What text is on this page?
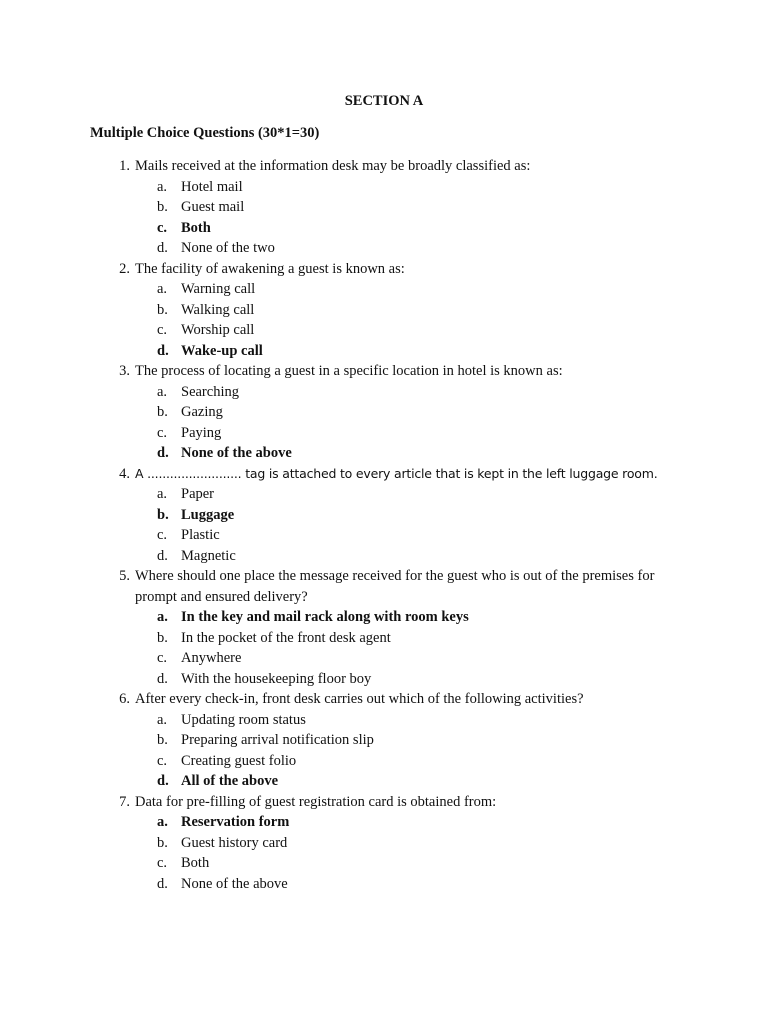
SECTION A
Multiple Choice Questions (30*1=30)
1. Mails received at the information desk may be broadly classified as:
a. Hotel mail
b. Guest mail
c. Both
d. None of the two
2. The facility of awakening a guest is known as:
a. Warning call
b. Walking call
c. Worship call
d. Wake-up call
3. The process of locating a guest in a specific location in hotel is known as:
a. Searching
b. Gazing
c. Paying
d. None of the above
4. A ......................... tag is attached to every article that is kept in the left luggage room.
a. Paper
b. Luggage
c. Plastic
d. Magnetic
5. Where should one place the message received for the guest who is out of the premises for
prompt and ensured delivery?
a. In the key and mail rack along with room keys
b. In the pocket of the front desk agent
c. Anywhere
d. With the housekeeping floor boy
6. After every check-in, front desk carries out which of the following activities?
a. Updating room status
b. Preparing arrival notification slip
c. Creating guest folio
d. All of the above
7. Data for pre-filling of guest registration card is obtained from:
a. Reservation form
b. Guest history card
c. Both
d. None of the above
